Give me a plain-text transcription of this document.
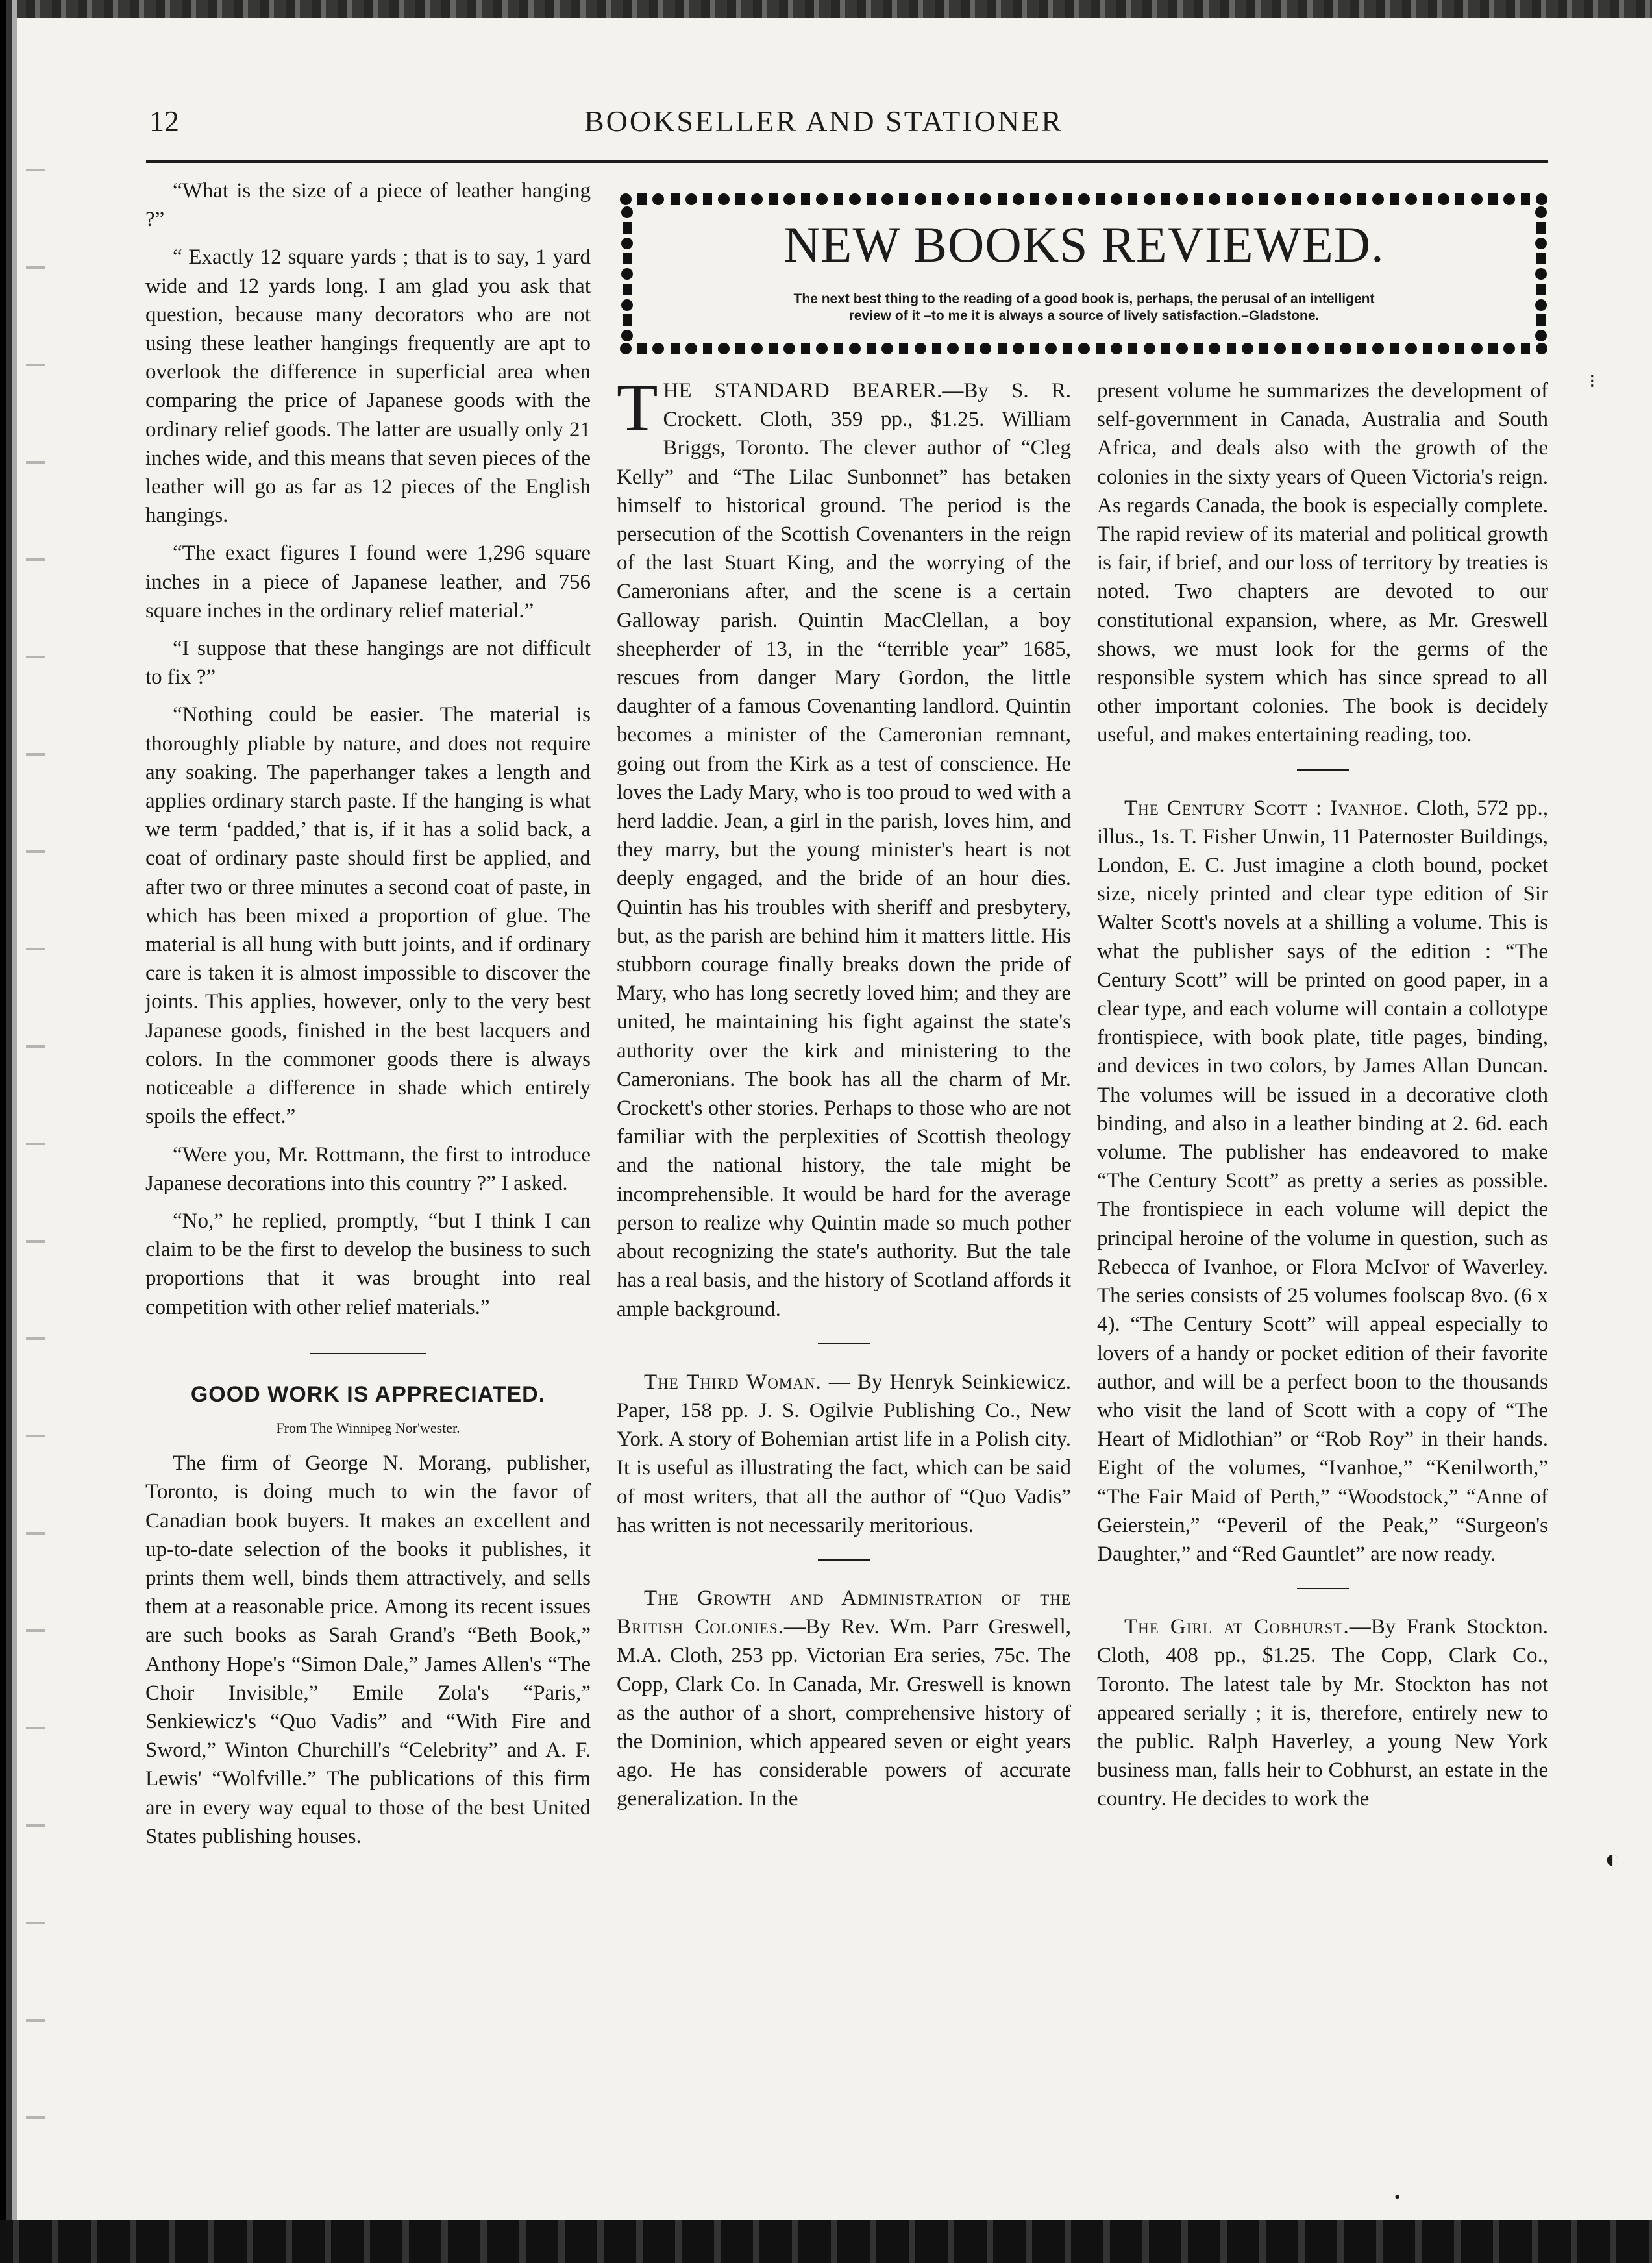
12	BOOKSELLER AND STATIONER

“What is the size of a piece of leather hanging ?”

“ Exactly 12 square yards ; that is to say, 1 yard wide and 12 yards long. I am glad you ask that question, because many decorators who are not using these leather hangings frequently are apt to overlook the difference in superficial area when comparing the price of Japanese goods with the ordinary relief goods. The latter are usually only 21 inches wide, and this means that seven pieces of the leather will go as far as 12 pieces of the English hangings.

“The exact figures I found were 1,296 square inches in a piece of Japanese leather, and 756 square inches in the ordinary relief material.”

“I suppose that these hangings are not difficult to fix ?”

“Nothing could be easier. The material is thoroughly pliable by nature, and does not require any soaking. The paperhanger takes a length and applies ordinary starch paste. If the hanging is what we term ‘padded,’ that is, if it has a solid back, a coat of ordinary paste should first be applied, and after two or three minutes a second coat of paste, in which has been mixed a proportion of glue. The material is all hung with butt joints, and if ordinary care is taken it is almost impossible to discover the joints. This applies, however, only to the very best Japanese goods, finished in the best lacquers and colors. In the commoner goods there is always noticeable a difference in shade which entirely spoils the effect.”

“Were you, Mr. Rottmann, the first to introduce Japanese decorations into this country ?” I asked.

“No,” he replied, promptly, “but I think I can claim to be the first to develop the business to such proportions that it was brought into real competition with other relief materials.”

GOOD WORK IS APPRECIATED.
From The Winnipeg Nor'wester.

The firm of George N. Morang, publisher, Toronto, is doing much to win the favor of Canadian book buyers. It makes an excellent and up-to-date selection of the books it publishes, it prints them well, binds them attractively, and sells them at a reasonable price. Among its recent issues are such books as Sarah Grand's “Beth Book,” Anthony Hope's “Simon Dale,” James Allen's “The Choir Invisible,” Emile Zola's “Paris,” Senkiewicz's “Quo Vadis” and “With Fire and Sword,” Winton Churchill's “Celebrity” and A. F. Lewis' “Wolfville.” The publications of this firm are in every way equal to those of the best United States publishing houses.

NEW BOOKS REVIEWED.
The next best thing to the reading of a good book is, perhaps, the perusal of an intelligent
review of it –to me it is always a source of lively satisfaction.–Gladstone.

THE STANDARD BEARER.—By S. R. Crockett. Cloth, 359 pp., $1.25. William Briggs, Toronto. The clever author of “Cleg Kelly” and “The Lilac Sunbonnet” has betaken himself to historical ground. The period is the persecution of the Scottish Covenanters in the reign of the last Stuart King, and the worrying of the Cameronians after, and the scene is a certain Galloway parish. Quintin MacClellan, a boy sheepherder of 13, in the “terrible year” 1685, rescues from danger Mary Gordon, the little daughter of a famous Covenanting landlord. Quintin becomes a minister of the Cameronian remnant, going out from the Kirk as a test of conscience. He loves the Lady Mary, who is too proud to wed with a herd laddie. Jean, a girl in the parish, loves him, and they marry, but the young minister's heart is not deeply engaged, and the bride of an hour dies. Quintin has his troubles with sheriff and presbytery, but, as the parish are behind him it matters little. His stubborn courage finally breaks down the pride of Mary, who has long secretly loved him; and they are united, he maintaining his fight against the state's authority over the kirk and ministering to the Cameronians. The book has all the charm of Mr. Crockett's other stories. Perhaps to those who are not familiar with the perplexities of Scottish theology and the national history, the tale might be incomprehensible. It would be hard for the average person to realize why Quintin made so much pother about recognizing the state's authority. But the tale has a real basis, and the history of Scotland affords it ample background.

The Third Woman. — By Henryk Seinkiewicz. Paper, 158 pp. J. S. Ogilvie Publishing Co., New York. A story of Bohemian artist life in a Polish city. It is useful as illustrating the fact, which can be said of most writers, that all the author of “Quo Vadis” has written is not necessarily meritorious.

The Growth and Administration of the British Colonies.—By Rev. Wm. Parr Greswell, M.A. Cloth, 253 pp. Victorian Era series, 75c. The Copp, Clark Co. In Canada, Mr. Greswell is known as the author of a short, comprehensive history of the Dominion, which appeared seven or eight years ago. He has considerable powers of accurate generalization. In the

present volume he summarizes the development of self-government in Canada, Australia and South Africa, and deals also with the growth of the colonies in the sixty years of Queen Victoria's reign. As regards Canada, the book is especially complete. The rapid review of its material and political growth is fair, if brief, and our loss of territory by treaties is noted. Two chapters are devoted to our constitutional expansion, where, as Mr. Greswell shows, we must look for the germs of the responsible system which has since spread to all other important colonies. The book is decidely useful, and makes entertaining reading, too.

The Century Scott : Ivanhoe. Cloth, 572 pp., illus., 1s. T. Fisher Unwin, 11 Paternoster Buildings, London, E. C. Just imagine a cloth bound, pocket size, nicely printed and clear type edition of Sir Walter Scott's novels at a shilling a volume. This is what the publisher says of the edition : “The Century Scott” will be printed on good paper, in a clear type, and each volume will contain a collotype frontispiece, with book plate, title pages, binding, and devices in two colors, by James Allan Duncan. The volumes will be issued in a decorative cloth binding, and also in a leather binding at 2. 6d. each volume. The publisher has endeavored to make “The Century Scott” as pretty a series as possible. The frontispiece in each volume will depict the principal heroine of the volume in question, such as Rebecca of Ivanhoe, or Flora McIvor of Waverley. The series consists of 25 volumes foolscap 8vo. (6 x 4). “The Century Scott” will appeal especially to lovers of a handy or pocket edition of their favorite author, and will be a perfect boon to the thousands who visit the land of Scott with a copy of “The Heart of Midlothian” or “Rob Roy” in their hands. Eight of the volumes, “Ivanhoe,” “Kenilworth,” “The Fair Maid of Perth,” “Woodstock,” “Anne of Geierstein,” “Peveril of the Peak,” “Surgeon's Daughter,” and “Red Gauntlet” are now ready.

The Girl at Cobhurst.—By Frank Stockton. Cloth, 408 pp., $1.25. The Copp, Clark Co., Toronto. The latest tale by Mr. Stockton has not appeared serially ; it is, therefore, entirely new to the public. Ralph Haverley, a young New York business man, falls heir to Cobhurst, an estate in the country. He decides to work the

⁝
◐
•
